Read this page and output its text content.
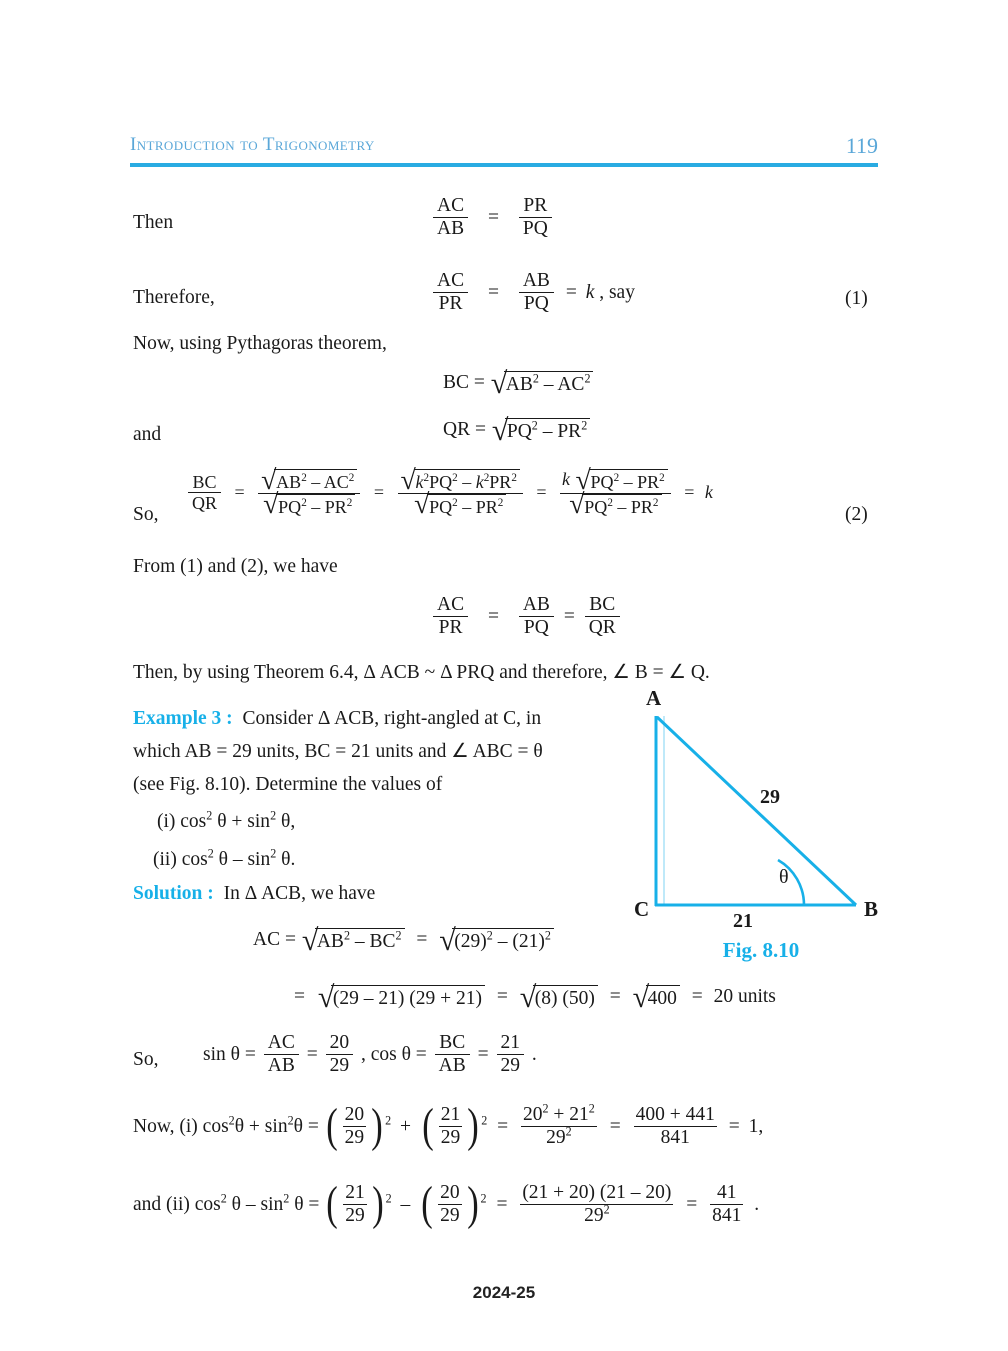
Introduction to Trigonometry	119
Then	$\frac{AC}{AB} = \frac{PR}{PQ}$
Therefore,	$\frac{AC}{PR} = \frac{AB}{PQ} = k$ , say	(1)
Now, using Pythagoras theorem,
BC = √
$AB^2 - AC^2$
and	QR = √
$PQ^2 - PR^2$
So,
$\frac{BC}{QR} = \frac{√ AB^2 - AC^2}{√ PQ^2 - PR^2} = \frac{√ k^2PQ^2 - k^2PR^2}{√ PQ^2 - PR^2} = \frac{k √ PQ^2 - PR^2}{√ PQ^2 - PR^2} = k$
(2)
From (1) and (2), we have
$\frac{AC}{PR} = \frac{AB}{PQ} = \frac{BC}{QR}$
Then, by using Theorem 6.4, Δ ACB ~ Δ PRQ and therefore, ∠ B = ∠ Q.
Example 3 : Consider Δ ACB, right-angled at C, in
which AB = 29 units, BC = 21 units and ∠ ABC = θ
(see Fig. 8.10). Determine the values of
(i) $\cos^2 \theta + \sin^2 \theta$,
(ii) $\cos^2 \theta - \sin^2 \theta$.
A
C	B
29
21
θ
Fig. 8.10
Solution : In Δ ACB, we have
AC = √
$AB^2 - BC^2$ = √
$(29)^2 - (21)^2$
= √
(29 – 21) (29 + 21) = √
(8) (50) = √
400 = 20 units
So, $\sin \theta = \frac{AC}{AB} = \frac{20}{29}$ , $\cos \theta = \frac{BC}{AB} = \frac{21}{29}$ .
Now, (i) $\cos^2\theta + \sin^2\theta$ = ( $\frac{20}{29}$ ) $^2$ + ( $\frac{21}{29}$ ) $^2 = \frac{20^2 + 21^2}{29^2} = \frac{400 + 441}{841} = 1$,
and (ii) $\cos^2 \theta - \sin^2 \theta$ = ( $\frac{21}{29}$ ) $^2$ – ( $\frac{20}{29}$ ) $^2 = \frac{(21 + 20) (21 - 20)}{29^2} = \frac{41}{841}$ .
2024-25
